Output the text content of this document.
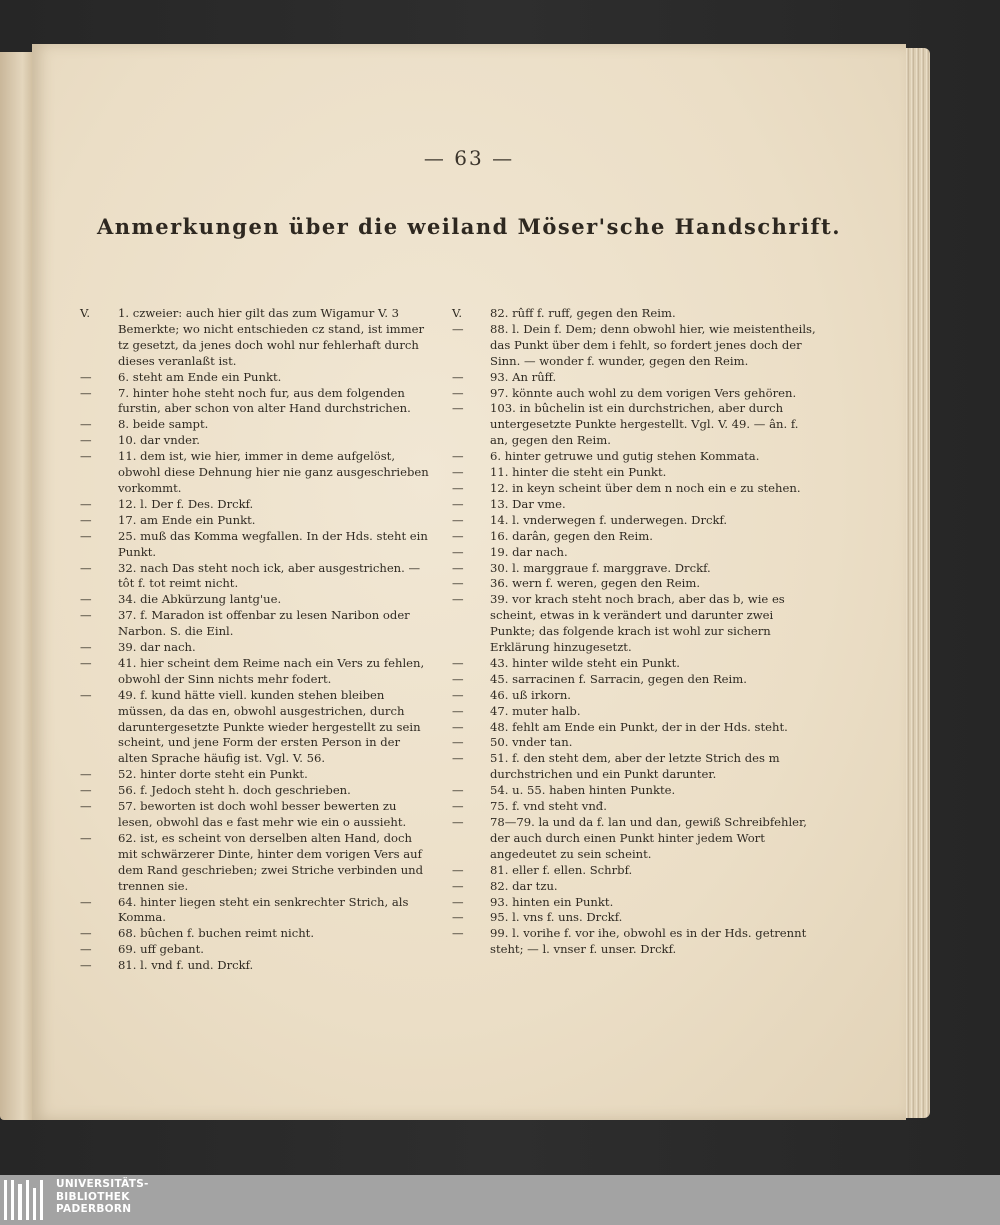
— 63 —
Anmerkungen über die weiland Möser'sche Handschrift.
V.	1. czweier: auch hier gilt das zum Wigamur V. 3 Bemerkte; wo nicht entschieden cz stand, ist immer tz gesetzt, da jenes doch wohl nur fehlerhaft durch dieses veranlaßt ist.
—	6. steht am Ende ein Punkt.
—	7. hinter hohe steht noch fur, aus dem folgenden furstin, aber schon von alter Hand durchstrichen.
—	8. beide sampt.
—	10. dar vnder.
—	11. dem ist, wie hier, immer in deme aufgelöst, obwohl diese Dehnung hier nie ganz ausgeschrieben vorkommt.
—	12. l. Der f. Des. Drckf.
—	17. am Ende ein Punkt.
—	25. muß das Komma wegfallen. In der Hds. steht ein Punkt.
—	32. nach Das steht noch ick, aber ausgestrichen. — tôt f. tot reimt nicht.
—	34. die Abkürzung lantg'ue.
—	37. f. Maradon ist offenbar zu lesen Naribon oder Narbon. S. die Einl.
—	39. dar nach.
—	41. hier scheint dem Reime nach ein Vers zu fehlen, obwohl der Sinn nichts mehr fodert.
—	49. f. kund hätte viell. kunden stehen bleiben müssen, da das en, obwohl ausgestrichen, durch daruntergesetzte Punkte wieder hergestellt zu sein scheint, und jene Form der ersten Person in der alten Sprache häufig ist. Vgl. V. 56.
—	52. hinter dorte steht ein Punkt.
—	56. f. Jedoch steht h. doch geschrieben.
—	57. beworten ist doch wohl besser bewerten zu lesen, obwohl das e fast mehr wie ein o aussieht.
—	62. ist, es scheint von derselben alten Hand, doch mit schwärzerer Dinte, hinter dem vorigen Vers auf dem Rand geschrieben; zwei Striche verbinden und trennen sie.
—	64. hinter liegen steht ein senkrechter Strich, als Komma.
—	68. bûchen f. buchen reimt nicht.
—	69. uff gebant.
—	81. l. vnd f. und. Drckf.
V.	82. rûff f. ruff, gegen den Reim.
—	88. l. Dein f. Dem; denn obwohl hier, wie meistentheils, das Punkt über dem i fehlt, so fordert jenes doch der Sinn. — wonder f. wunder, gegen den Reim.
—	93. An rûff.
—	97. könnte auch wohl zu dem vorigen Vers gehören.
—	103. in bûchelin ist ein durchstrichen, aber durch untergesetzte Punkte hergestellt. Vgl. V. 49. — ân. f. an, gegen den Reim.
—	6. hinter getruwe und gutig stehen Kommata.
—	11. hinter die steht ein Punkt.
—	12. in keyn scheint über dem n noch ein e zu stehen.
—	13. Dar vme.
—	14. l. vnderwegen f. underwegen. Drckf.
—	16. darân, gegen den Reim.
—	19. dar nach.
—	30. l. marggraue f. marggrave. Drckf.
—	36. wern f. weren, gegen den Reim.
—	39. vor krach steht noch brach, aber das b, wie es scheint, etwas in k verändert und darunter zwei Punkte; das folgende krach ist wohl zur sichern Erklärung hinzugesetzt.
—	43. hinter wilde steht ein Punkt.
—	45. sarracinen f. Sarracin, gegen den Reim.
—	46. uß irkorn.
—	47. muter halb.
—	48. fehlt am Ende ein Punkt, der in der Hds. steht.
—	50. vnder tan.
—	51. f. den steht dem, aber der letzte Strich des m durchstrichen und ein Punkt darunter.
—	54. u. 55. haben hinten Punkte.
—	75. f. vnd steht vnđ.
—	78—79. la und da f. lan und dan, gewiß Schreibfehler, der auch durch einen Punkt hinter jedem Wort angedeutet zu sein scheint.
—	81. eller f. ellen. Schrbf.
—	82. dar tzu.
—	93. hinten ein Punkt.
—	95. l. vns f. uns. Drckf.
—	99. l. vorihe f. vor ihe, obwohl es in der Hds. getrennt steht; — l. vnser f. unser. Drckf.
UNIVERSITÄTS-
BIBLIOTHEK
PADERBORN
